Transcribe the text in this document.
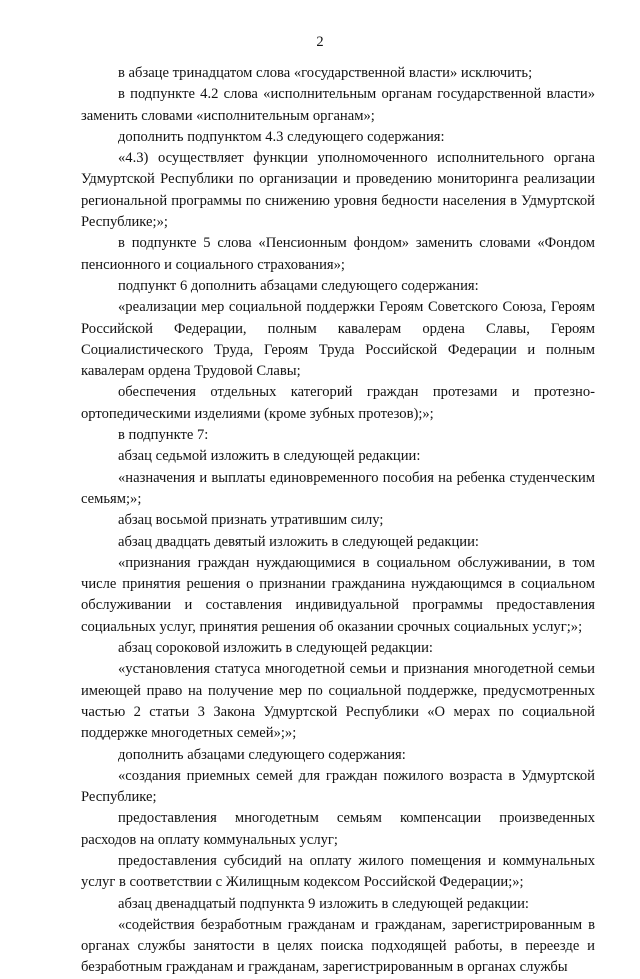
2

в абзаце тринадцатом слова «государственной власти» исключить;

в подпункте 4.2 слова «исполнительным органам государственной власти» заменить словами «исполнительным органам»;

дополнить подпунктом 4.3 следующего содержания:

«4.3) осуществляет функции уполномоченного исполнительного органа Удмуртской Республики по организации и проведению мониторинга реализации региональной программы по снижению уровня бедности населения в Удмуртской Республике;»;

в подпункте 5 слова «Пенсионным фондом» заменить словами «Фондом пенсионного и социального страхования»;

подпункт 6 дополнить абзацами следующего содержания:

«реализации мер социальной поддержки Героям Советского Союза, Героям Российской Федерации, полным кавалерам ордена Славы, Героям Социалистического Труда, Героям Труда Российской Федерации и полным кавалерам ордена Трудовой Славы;

обеспечения отдельных категорий граждан протезами и протезно-ортопедическими изделиями (кроме зубных протезов);»;

в подпункте 7:

абзац седьмой изложить в следующей редакции:

«назначения и выплаты единовременного пособия на ребенка студенческим семьям;»;

абзац восьмой признать утратившим силу;

абзац двадцать девятый изложить в следующей редакции:

«признания граждан нуждающимися в социальном обслуживании, в том числе принятия решения о признании гражданина нуждающимся в социальном обслуживании и составления индивидуальной программы предоставления социальных услуг, принятия решения об оказании срочных социальных услуг;»;

абзац сороковой изложить в следующей редакции:

«установления статуса многодетной семьи и признания многодетной семьи имеющей право на получение мер по социальной поддержке, предусмотренных частью 2 статьи 3 Закона Удмуртской Республики «О мерах по социальной поддержке многодетных семей»;»;

дополнить абзацами следующего содержания:

«создания приемных семей для граждан пожилого возраста в Удмуртской Республике;

предоставления многодетным семьям компенсации произведенных расходов на оплату коммунальных услуг;

предоставления субсидий на оплату жилого помещения и коммунальных услуг в соответствии с Жилищным кодексом Российской Федерации;»;

абзац двенадцатый подпункта 9 изложить в следующей редакции:

«содействия безработным гражданам и гражданам, зарегистрированным в органах службы занятости в целях поиска подходящей работы, в переезде и безработным гражданам и гражданам, зарегистрированным в органах службы
